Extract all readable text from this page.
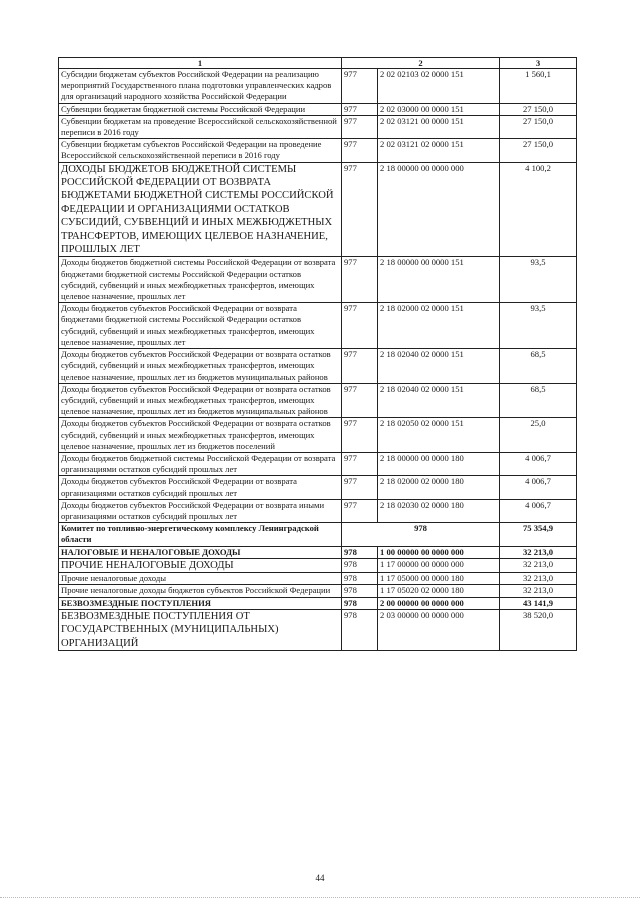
1	2		3
Субсидии бюджетам субъектов Российской Федерации на реализацию мероприятий Государственного плана подготовки управленческих кадров для организаций народного хозяйства Российской Федерации	977	2 02 02103 02 0000 151	1 560,1
Субвенции бюджетам бюджетной системы Российской Федерации	977	2 02 03000 00 0000 151	27 150,0
Субвенции бюджетам на проведение Всероссийской сельскохозяйственной переписи в 2016 году	977	2 02 03121 00 0000 151	27 150,0
Субвенции бюджетам субъектов Российской Федерации на проведение Всероссийской сельскохозяйственной переписи в 2016 году	977	2 02 03121 02 0000 151	27 150,0
ДОХОДЫ БЮДЖЕТОВ БЮДЖЕТНОЙ СИСТЕМЫ РОССИЙСКОЙ ФЕДЕРАЦИИ ОТ ВОЗВРАТА БЮДЖЕТАМИ БЮДЖЕТНОЙ СИСТЕМЫ РОССИЙСКОЙ ФЕДЕРАЦИИ И ОРГАНИЗАЦИЯМИ ОСТАТКОВ СУБСИДИЙ, СУБВЕНЦИЙ И ИНЫХ МЕЖБЮДЖЕТНЫХ ТРАНСФЕРТОВ, ИМЕЮЩИХ ЦЕЛЕВОЕ НАЗНАЧЕНИЕ, ПРОШЛЫХ ЛЕТ	977	2 18 00000 00 0000 000	4 100,2
Доходы бюджетов бюджетной системы Российской Федерации от возврата бюджетами бюджетной системы Российской Федерации остатков субсидий, субвенций и иных межбюджетных трансфертов, имеющих целевое назначение, прошлых лет	977	2 18 00000 00 0000 151	93,5
Доходы бюджетов субъектов Российской Федерации от возврата бюджетами бюджетной системы Российской Федерации остатков субсидий, субвенций и иных межбюджетных трансфертов, имеющих целевое назначение, прошлых лет	977	2 18 02000 02 0000 151	93,5
Доходы бюджетов субъектов Российской Федерации от возврата остатков субсидий, субвенций и иных межбюджетных трансфертов, имеющих целевое назначение, прошлых лет из бюджетов муниципальных районов	977	2 18 02040 02 0000 151	68,5
Доходы бюджетов субъектов Российской Федерации от возврата остатков субсидий, субвенций и иных межбюджетных трансфертов, имеющих целевое назначение, прошлых лет из бюджетов муниципальных районов	977	2 18 02040 02 0000 151	68,5
Доходы бюджетов субъектов Российской Федерации от возврата остатков субсидий, субвенций и иных межбюджетных трансфертов, имеющих целевое назначение, прошлых лет из бюджетов поселений	977	2 18 02050 02 0000 151	25,0
Доходы бюджетов бюджетной системы Российской Федерации от возврата организациями остатков субсидий прошлых лет	977	2 18 00000 00 0000 180	4 006,7
Доходы бюджетов субъектов Российской Федерации от возврата организациями остатков субсидий прошлых лет	977	2 18 02000 02 0000 180	4 006,7
Доходы бюджетов субъектов Российской Федерации от возврата иными организациями остатков субсидий прошлых лет	977	2 18 02030 02 0000 180	4 006,7
Комитет по топливно-энергетическому комплексу Ленинградской области	978		75 354,9
НАЛОГОВЫЕ И НЕНАЛОГОВЫЕ ДОХОДЫ	978	1 00 00000 00 0000 000	32 213,0
ПРОЧИЕ НЕНАЛОГОВЫЕ ДОХОДЫ	978	1 17 00000 00 0000 000	32 213,0
Прочие неналоговые доходы	978	1 17 05000 00 0000 180	32 213,0
Прочие неналоговые доходы бюджетов субъектов Российской Федерации	978	1 17 05020 02 0000 180	32 213,0
БЕЗВОЗМЕЗДНЫЕ ПОСТУПЛЕНИЯ	978	2 00 00000 00 0000 000	43 141,9
БЕЗВОЗМЕЗДНЫЕ ПОСТУПЛЕНИЯ ОТ ГОСУДАРСТВЕННЫХ (МУНИЦИПАЛЬНЫХ) ОРГАНИЗАЦИЙ	978	2 03 00000 00 0000 000	38 520,0
44
